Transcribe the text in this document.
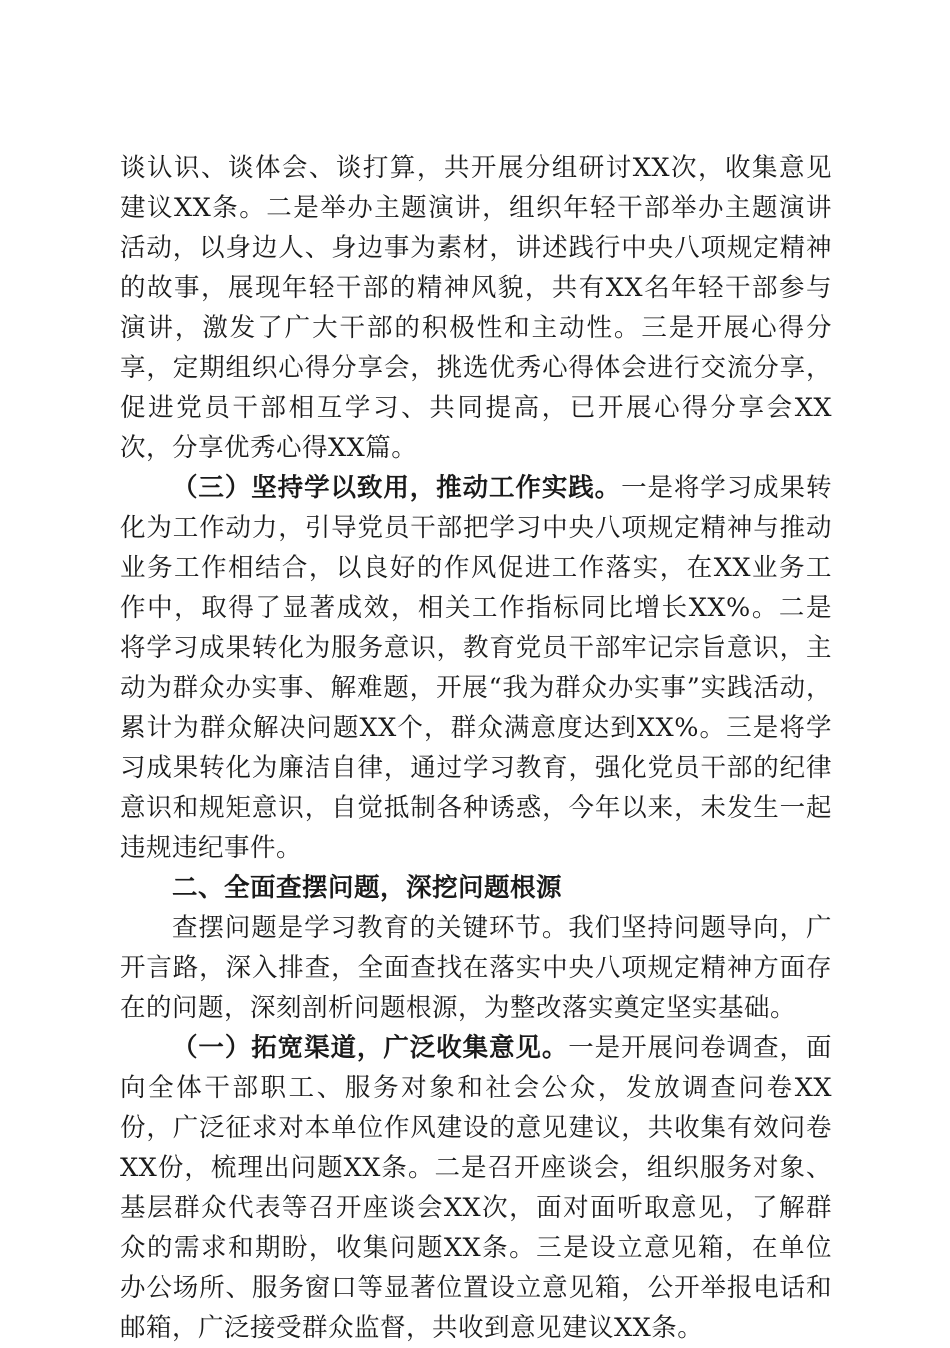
谈认识、谈体会、谈打算，共开展分组研讨XX次，收集意见建议XX条。二是举办主题演讲，组织年轻干部举办主题演讲活动，以身边人、身边事为素材，讲述践行中央八项规定精神的故事，展现年轻干部的精神风貌，共有XX名年轻干部参与演讲，激发了广大干部的积极性和主动性。三是开展心得分享，定期组织心得分享会，挑选优秀心得体会进行交流分享，促进党员干部相互学习、共同提高，已开展心得分享会XX次，分享优秀心得XX篇。

（三）坚持学以致用，推动工作实践。一是将学习成果转化为工作动力，引导党员干部把学习中央八项规定精神与推动业务工作相结合，以良好的作风促进工作落实，在XX业务工作中，取得了显著成效，相关工作指标同比增长XX%。二是将学习成果转化为服务意识，教育党员干部牢记宗旨意识，主动为群众办实事、解难题，开展“我为群众办实事”实践活动，累计为群众解决问题XX个，群众满意度达到XX%。三是将学习成果转化为廉洁自律，通过学习教育，强化党员干部的纪律意识和规矩意识，自觉抵制各种诱惑，今年以来，未发生一起违规违纪事件。

二、全面查摆问题，深挖问题根源

查摆问题是学习教育的关键环节。我们坚持问题导向，广开言路，深入排查，全面查找在落实中央八项规定精神方面存在的问题，深刻剖析问题根源，为整改落实奠定坚实基础。

（一）拓宽渠道，广泛收集意见。一是开展问卷调查，面向全体干部职工、服务对象和社会公众，发放调查问卷XX份，广泛征求对本单位作风建设的意见建议，共收集有效问卷XX份，梳理出问题XX条。二是召开座谈会，组织服务对象、基层群众代表等召开座谈会XX次，面对面听取意见，了解群众的需求和期盼，收集问题XX条。三是设立意见箱，在单位办公场所、服务窗口等显著位置设立意见箱，公开举报电话和邮箱，广泛接受群众监督，共收到意见建议XX条。
